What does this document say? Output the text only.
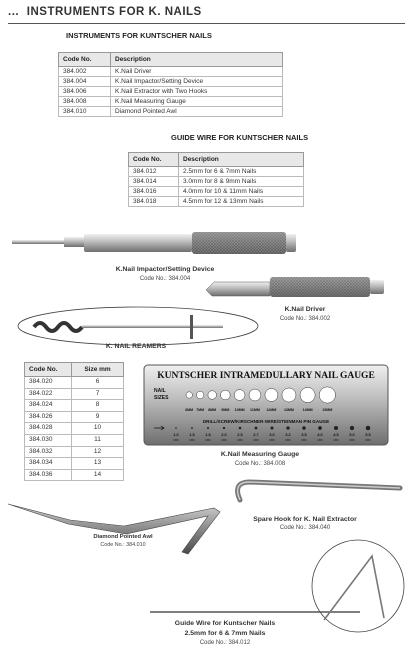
... INSTRUMENTS FOR K. NAILS
INSTRUMENTS FOR KUNTSCHER NAILS
Code No.	Description
384.002	K.Nail Driver
384.004	K.Nail Impactor/Setting Device
384.006	K.Nail Extractor with Two Hooks
384.008	K.Nail Measuring Gauge
384.010	Diamond Pointed Awl
GUIDE WIRE FOR KUNTSCHER NAILS
Code No.	Description
384.012	2.5mm for 6 & 7mm Nails
384.014	3.0mm for 8 & 9mm Nails
384.016	4.0mm for 10 & 11mm Nails
384.018	4.5mm for 12 & 13mm Nails
K.Nail Impactor/Setting Device
Code No.: 384.004
K.Nail Driver
Code No.: 384.002
K. NAIL REAMERS
Code No.	Size mm
384.020	6
384.022	7
384.024	8
384.026	9
384.028	10
384.030	11
384.032	12
384.034	13
384.036	14
KUNTSCHER INTRAMEDULLARY NAIL GAUGE
NAIL
SIZES
6MM 7MM 8MM 9MM 10MM 11MM 12MM 13MM 14MM	15MM
DRILL/SCREW/KIRSCHNER-WIRE/STEINMAN PIN GAUGE
1.0
MM
1.5
MM
1.8
MM
2.0
MM
2.5
MM
2.7
MM
3.0
MM
3.2
MM
3.5
MM
4.0
MM
4.5
MM
5.0
MM
5.5
MM
K.Nail Measuring Gauge
Code No.: 384.008
Spare Hook for K. Nail Extractor
Code No.: 384.040
Diamond Pointed Awl
Code No.: 384.010
Guide Wire for Kuntscher Nails
2.5mm for 6 & 7mm Nails
Code No.: 384.012
